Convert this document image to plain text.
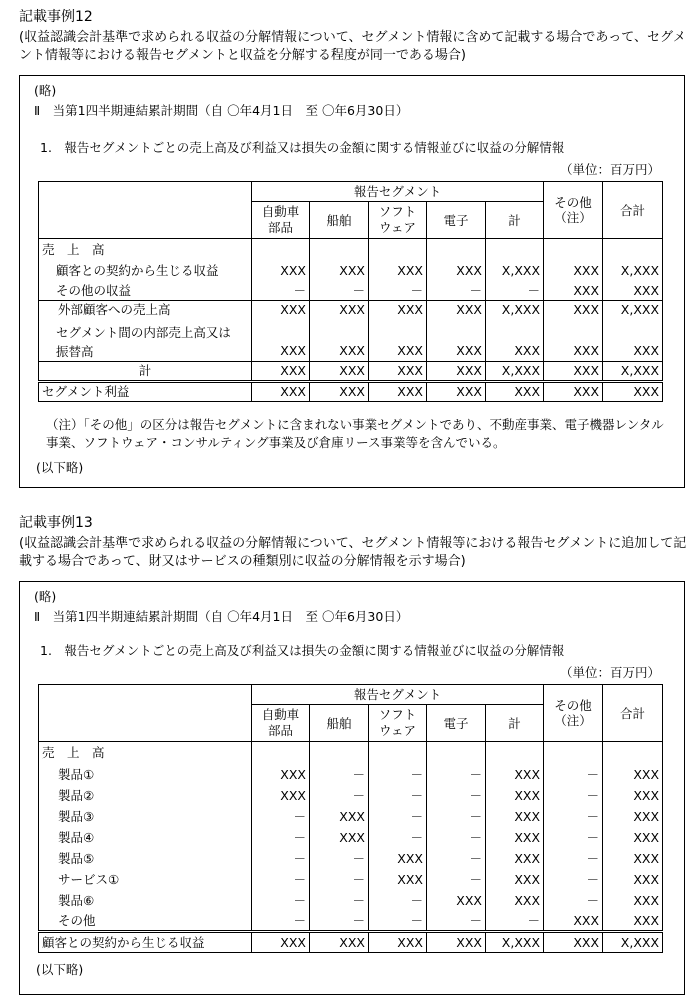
記載事例12
(収益認識会計基準で求められる収益の分解情報について、セグメント情報に含めて記載する場合であって、セグメント情報等における報告セグメントと収益を分解する程度が同一である場合)
(略)
Ⅱ　当第1四半期連結累計期間（自 〇年4月1日　至 〇年6月30日）
1.　報告セグメントごとの売上高及び利益又は損失の金額に関する情報並びに収益の分解情報
（単位：百万円）
	報告セグメント					その他（注）	合計
	自動車部品	船舶	ソフトウェア	電子	計		
売　上　高							
顧客との契約から生じる収益	XXX	XXX	XXX	XXX	X,XXX	XXX	X,XXX
その他の収益	－	－	－	－	－	XXX	XXX
外部顧客への売上高	XXX	XXX	XXX	XXX	X,XXX	XXX	X,XXX
セグメント間の内部売上高又は振替高	XXX	XXX	XXX	XXX	XXX	XXX	XXX
計	XXX	XXX	XXX	XXX	X,XXX	XXX	X,XXX
セグメント利益	XXX	XXX	XXX	XXX	XXX	XXX	XXX
（注）「その他」の区分は報告セグメントに含まれない事業セグメントであり、不動産事業、電子機器レンタル事業、ソフトウェア・コンサルティング事業及び倉庫リース事業等を含んでいる。
(以下略)
記載事例13
(収益認識会計基準で求められる収益の分解情報について、セグメント情報等における報告セグメントに追加して記載する場合であって、財又はサービスの種類別に収益の分解情報を示す場合)
(略)
Ⅱ　当第1四半期連結累計期間（自 〇年4月1日　至 〇年6月30日）
1.　報告セグメントごとの売上高及び利益又は損失の金額に関する情報並びに収益の分解情報
（単位：百万円）
	報告セグメント					その他（注）	合計
	自動車部品	船舶	ソフトウェア	電子	計		
売　上　高							
製品①	XXX	－	－	－	XXX	－	XXX
製品②	XXX	－	－	－	XXX	－	XXX
製品③	－	XXX	－	－	XXX	－	XXX
製品④	－	XXX	－	－	XXX	－	XXX
製品⑤	－	－	XXX	－	XXX	－	XXX
サービス①	－	－	XXX	－	XXX	－	XXX
製品⑥	－	－	－	XXX	XXX	－	XXX
その他	－	－	－	－	－	XXX	XXX
顧客との契約から生じる収益	XXX	XXX	XXX	XXX	X,XXX	XXX	X,XXX
(以下略)
